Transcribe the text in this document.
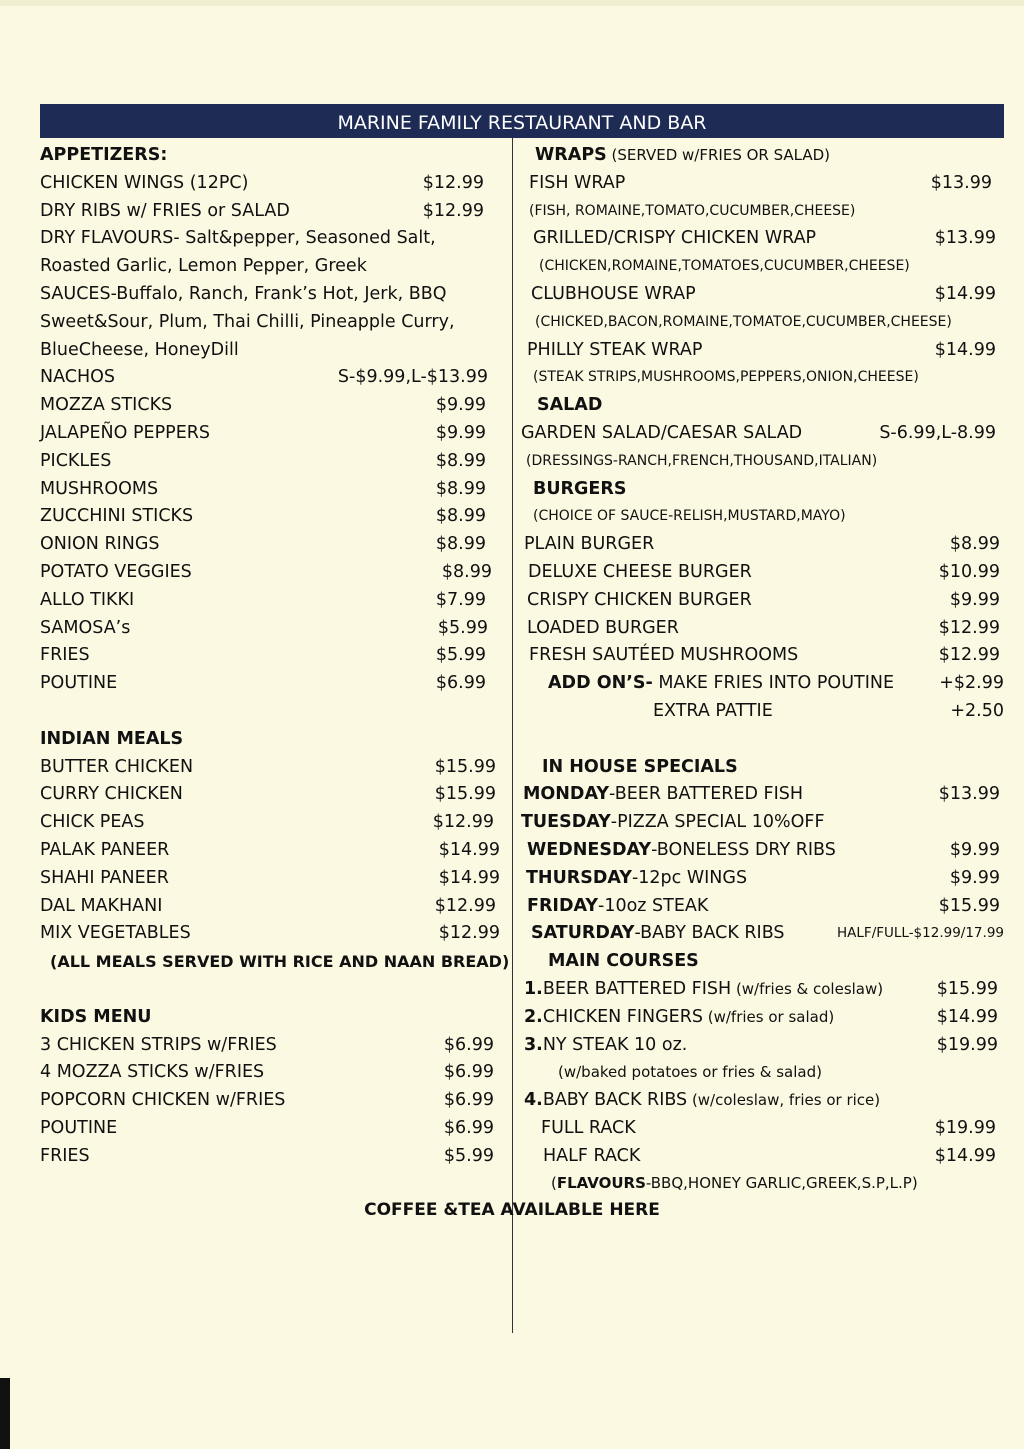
MARINE FAMILY RESTAURANT AND BAR
APPETIZERS:
CHICKEN WINGS (12PC)	$12.99
DRY RIBS w/ FRIES or SALAD	$12.99
DRY FLAVOURS- Salt&pepper, Seasoned Salt,
Roasted Garlic, Lemon Pepper, Greek
SAUCES-Buffalo, Ranch, Frank’s Hot, Jerk, BBQ
Sweet&Sour, Plum, Thai Chilli, Pineapple Curry,
BlueCheese, HoneyDill
NACHOS	S-$9.99,L-$13.99
MOZZA STICKS	$9.99
JALAPEÑO PEPPERS	$9.99
PICKLES	$8.99
MUSHROOMS	$8.99
ZUCCHINI STICKS	$8.99
ONION RINGS	$8.99
POTATO VEGGIES	$8.99
ALLO TIKKI	$7.99
SAMOSA’s	$5.99
FRIES	$5.99
POUTINE	$6.99
INDIAN MEALS
BUTTER CHICKEN	$15.99
CURRY CHICKEN	$15.99
CHICK PEAS	$12.99
PALAK PANEER	$14.99
SHAHI PANEER	$14.99
DAL MAKHANI	$12.99
MIX VEGETABLES	$12.99
(ALL MEALS SERVED WITH RICE AND NAAN BREAD)
KIDS MENU
3 CHICKEN STRIPS w/FRIES	$6.99
4 MOZZA STICKS w/FRIES	$6.99
POPCORN CHICKEN w/FRIES	$6.99
POUTINE	$6.99
FRIES	$5.99
WRAPS (SERVED w/FRIES OR SALAD)
FISH WRAP	$13.99
(FISH, ROMAINE,TOMATO,CUCUMBER,CHEESE)
GRILLED/CRISPY CHICKEN WRAP	$13.99
(CHICKEN,ROMAINE,TOMATOES,CUCUMBER,CHEESE)
CLUBHOUSE WRAP	$14.99
(CHICKED,BACON,ROMAINE,TOMATOE,CUCUMBER,CHEESE)
PHILLY STEAK WRAP	$14.99
(STEAK STRIPS,MUSHROOMS,PEPPERS,ONION,CHEESE)
SALAD
GARDEN SALAD/CAESAR SALAD	S-6.99,L-8.99
(DRESSINGS-RANCH,FRENCH,THOUSAND,ITALIAN)
BURGERS
(CHOICE OF SAUCE-RELISH,MUSTARD,MAYO)
PLAIN BURGER	$8.99
DELUXE CHEESE BURGER	$10.99
CRISPY CHICKEN BURGER	$9.99
LOADED BURGER	$12.99
FRESH SAUTÉED MUSHROOMS	$12.99
ADD ON’S- MAKE FRIES INTO POUTINE	+$2.99
EXTRA PATTIE	+2.50
IN HOUSE SPECIALS
MONDAY-BEER BATTERED FISH	$13.99
TUESDAY-PIZZA SPECIAL 10%OFF
WEDNESDAY-BONELESS DRY RIBS	$9.99
THURSDAY-12pc WINGS	$9.99
FRIDAY-10oz STEAK	$15.99
SATURDAY-BABY BACK RIBS	HALF/FULL-$12.99/17.99
MAIN COURSES
1.BEER BATTERED FISH (w/fries & coleslaw)	$15.99
2.CHICKEN FINGERS (w/fries or salad)	$14.99
3.NY STEAK 10 oz.	$19.99
(w/baked potatoes or fries & salad)
4.BABY BACK RIBS (w/coleslaw, fries or rice)
FULL RACK	$19.99
HALF RACK	$14.99
(FLAVOURS-BBQ,HONEY GARLIC,GREEK,S.P,L.P)
COFFEE &TEA AVAILABLE HERE
